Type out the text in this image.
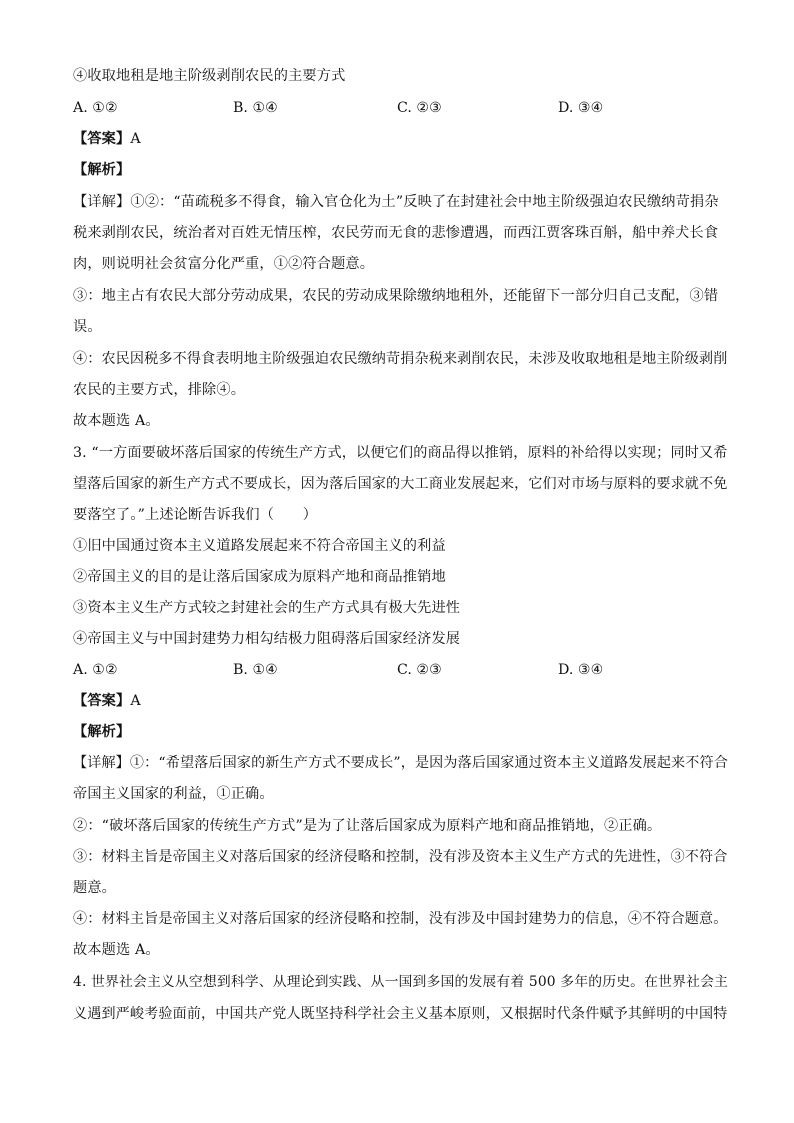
④收取地租是地主阶级剥削农民的主要方式
A. ①②	B. ①④	C. ②③	D. ③④
【答案】A
【解析】
【详解】①②：“苗疏税多不得食，输入官仓化为土”反映了在封建社会中地主阶级强迫农民缴纳苛捐杂
税来剥削农民，统治者对百姓无情压榨，农民劳而无食的悲惨遭遇，而西江贾客珠百斛，船中养犬长食
肉，则说明社会贫富分化严重，①②符合题意。
③：地主占有农民大部分劳动成果，农民的劳动成果除缴纳地租外，还能留下一部分归自己支配，③错
误。
④：农民因税多不得食表明地主阶级强迫农民缴纳苛捐杂税来剥削农民，未涉及收取地租是地主阶级剥削
农民的主要方式，排除④。
故本题选 A。
3. “一方面要破坏落后国家的传统生产方式，以便它们的商品得以推销，原料的补给得以实现；同时又希
望落后国家的新生产方式不要成长，因为落后国家的大工商业发展起来，它们对市场与原料的要求就不免
要落空了。”上述论断告诉我们（　　）
①旧中国通过资本主义道路发展起来不符合帝国主义的利益
②帝国主义的目的是让落后国家成为原料产地和商品推销地
③资本主义生产方式较之封建社会的生产方式具有极大先进性
④帝国主义与中国封建势力相勾结极力阻碍落后国家经济发展
A. ①②	B. ①④	C. ②③	D. ③④
【答案】A
【解析】
【详解】①：“希望落后国家的新生产方式不要成长”，是因为落后国家通过资本主义道路发展起来不符合
帝国主义国家的利益，①正确。
②：“破坏落后国家的传统生产方式”是为了让落后国家成为原料产地和商品推销地，②正确。
③：材料主旨是帝国主义对落后国家的经济侵略和控制，没有涉及资本主义生产方式的先进性，③不符合
题意。
④：材料主旨是帝国主义对落后国家的经济侵略和控制，没有涉及中国封建势力的信息，④不符合题意。
故本题选 A。
4. 世界社会主义从空想到科学、从理论到实践、从一国到多国的发展有着 500 多年的历史。在世界社会主
义遇到严峻考验面前，中国共产党人既坚持科学社会主义基本原则，又根据时代条件赋予其鲜明的中国特
